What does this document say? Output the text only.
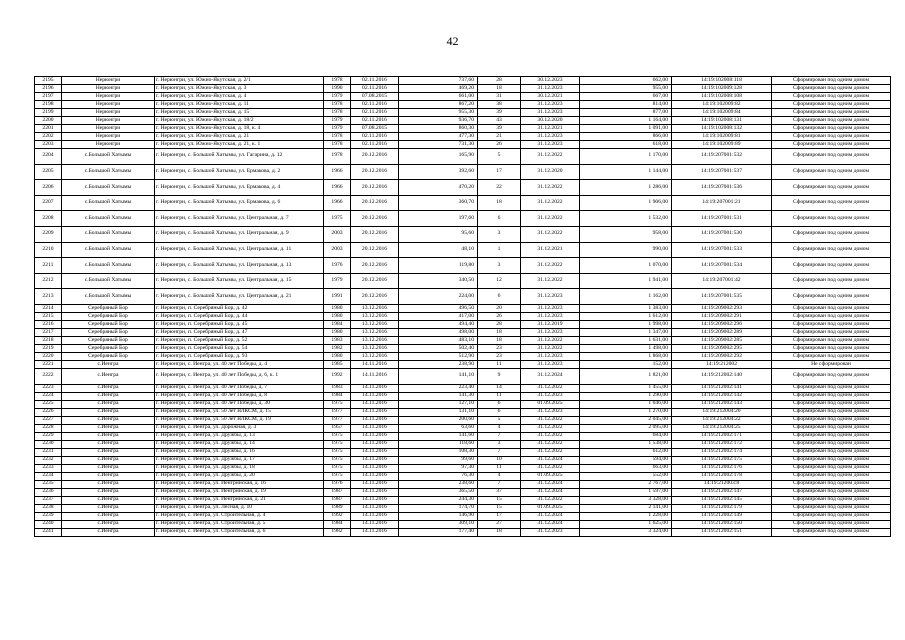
42
2195	Нерюнгри	г. Нерюнгри, ул. Южно-Якутская, д. 2/1	1978	02.11.2016	737,60	28	30.12.2023	662,00	14:19:102008:118	Сформирован под одним домом
2196	Нерюнгри	г. Нерюнгри, ул. Южно-Якутская, д. 3	1990	02.11.2016	469,20	18	31.12.2023	955,00	14:19:102009:128	Сформирован под одним домом
2197	Нерюнгри	г. Нерюнгри, ул. Южно-Якутская, д. 4	1979	07.08.2015	661,00	31	30.12.2021	667,00	14:19:102008:108	Сформирован под одним домом
2198	Нерюнгри	г. Нерюнгри, ул. Южно-Якутская, д. 11	1978	02.11.2016	867,20	38	31.12.2023	814,00	14:19:102009:82	Сформирован под одним домом
2199	Нерюнгри	г. Нерюнгри, ул. Южно-Якутская, д. 15	1978	02.11.2016	955,30	39	31.12.2023	877,00	14:19:102009:84	Сформирован под одним домом
2200	Нерюнгри	г. Нерюнгри, ул. Южно-Якутская, д. 18/2	1979	02.11.2016	936,70	43	30.12.2020	1 164,00	14:19:102008:131	Сформирован под одним домом
2201	Нерюнгри	г. Нерюнгри, ул. Южно-Якутская, д. 18, к. 4	1979	07.08.2015	860,30	39	31.12.2021	1 091,00	14:19:102008:132	Сформирован под одним домом
2202	Нерюнгри	г. Нерюнгри, ул. Южно-Якутская, д. 21	1978	02.11.2016	477,30	21	31.12.2023	866,00	14:19:102009:81	Сформирован под одним домом
2203	Нерюнгри	г. Нерюнгри, ул. Южно-Якутская, д. 21, к. 1	1978	02.11.2016	731,30	26	31.12.2023	618,00	14:19:102009:89	Сформирован под одним домом
2204	с.Большой Хатымы	г. Нерюнгри, с. Большой Хатымы, ул. Гагарина, д. 12	1978	20.12.2016	165,90	5	31.12.2022	1 170,00	14:19:207001:532	Сформирован под одним домом
2205	с.Большой Хатымы	г. Нерюнгри, с. Большой Хатымы, ул. Ермакова, д. 2	1966	20.12.2016	392,60	17	31.12.2020	1 144,00	14:19:207001:537	Сформирован под одним домом
2206	с.Большой Хатымы	г. Нерюнгри, с. Большой Хатымы, ул. Ермакова, д. 4	1966	20.12.2016	470,20	22	31.12.2022	1 286,00	14:19:207001:536	Сформирован под одним домом
2207	с.Большой Хатымы	г. Нерюнгри, с. Большой Хатымы, ул. Ермакова, д. 6	1966	20.12.2016	360,70	18	31.12.2022	1 906,00	14:19:207001:21	Сформирован под одним домом
2208	с.Большой Хатымы	г. Нерюнгри, с. Большой Хатымы, ул. Центральная, д. 7	1975	20.12.2016	197,60	6	31.12.2022	1 532,00	14:19:207001:531	Сформирован под одним домом
2209	с.Большой Хатымы	г. Нерюнгри, с. Большой Хатымы, ул. Центральная, д. 9	2003	20.12.2016	95,60	3	31.12.2022	958,00	14:19:207001:530	Сформирован под одним домом
2210	с.Большой Хатымы	г. Нерюнгри, с. Большой Хатымы, ул. Центральная, д. 11	2003	20.12.2016	48,10	1	31.12.2021	990,00	14:19:207001:533	Сформирован под одним домом
2211	с.Большой Хатымы	г. Нерюнгри, с. Большой Хатымы, ул. Центральная, д. 13	1976	20.12.2016	119,80	3	31.12.2022	1 070,00	14:19:207001:534	Сформирован под одним домом
2212	с.Большой Хатымы	г. Нерюнгри, с. Большой Хатымы, ул. Центральная, д. 15	1979	20.12.2016	340,50	12	31.12.2022	1 941,00	14:19:207001:42	Сформирован под одним домом
2213	с.Большой Хатымы	г. Нерюнгри, с. Большой Хатымы, ул. Центральная, д. 21	1991	20.12.2016	224,00	6	31.12.2023	1 162,00	14:19:207001:535	Сформирован под одним домом
2214	Серебряный Бор	г. Нерюнгри, п. Серебряный Бор, д. 42	1980	13.12.2016	496,50	20	31.12.2023	1 383,00	14:19:209002:293	Сформирован под одним домом
2215	Серебряный Бор	г. Нерюнгри, п. Серебряный Бор, д. 44	1980	13.12.2016	417,00	26	31.12.2023	1 612,00	14:19:209002:291	Сформирован под одним домом
2216	Серебряный Бор	г. Нерюнгри, п. Серебряный Бор, д. 45	1984	13.12.2016	494,40	28	31.12.2019	1 998,00	14:19:209002:296	Сформирован под одним домом
2217	Серебряный Бор	г. Нерюнгри, п. Серебряный Бор, д. 47	1980	13.12.2016	498,00	18	31.12.2023	1 347,00	14:19:209002:289	Сформирован под одним домом
2218	Серебряный Бор	г. Нерюнгри, п. Серебряный Бор, д. 52	1983	13.12.2016	483,10	18	31.12.2022	1 631,00	14:19:209002:285	Сформирован под одним домом
2219	Серебряный Бор	г. Нерюнгри, п. Серебряный Бор, д. 54	1982	13.12.2016	502,40	23	31.12.2022	1 498,00	14:19:209002:295	Сформирован под одним домом
2220	Серебряный Бор	г. Нерюнгри, п. Серебряный Бор, д. 93	1980	13.12.2016	512,90	23	31.12.2023	1 868,00	14:19:209002:292	Сформирован под одним домом
2221	с.Иенгра	г. Нерюнгри, с. Иенгра, ул. 40 лет Победы, д. 4	1985	14.11.2016	238,90	11	31.12.2023	152,00	14:19:212002	Не сформирован
2222	с.Иенгра	г. Нерюнгри, с. Иенгра, ул. 40 лет Победы, д. 6, к. 1	1992	14.11.2016	141,10	9	31.12.2024	1 821,00	14:19:212002:140	Сформирован под одним домом
2223	с.Иенгра	г. Нерюнгри, с. Иенгра, ул. 40 лет Победы, д. 7	1983	14.11.2016	223,40	14	31.12.2022	1 455,00	14:19:212002:141	Сформирован под одним домом
2224	с.Иенгра	г. Нерюнгри, с. Иенгра, ул. 40 лет Победы, д. 8	1984	14.11.2016	141,30	11	31.12.2023	1 290,00	14:19:212002:142	Сформирован под одним домом
2225	с.Иенгра	г. Нерюнгри, с. Иенгра, ул. 40 лет Победы, д. 30	1975	14.11.2016	127,10	6	01.09.2025	1 046,00	14:19:212002:143	Сформирован под одним домом
2226	с.Иенгра	г. Нерюнгри, с. Иенгра, ул. 50 лет ВЛКСМ, д. 15	1977	14.11.2016	131,10	6	31.12.2023	1 270,00	14:19:212004:20	Сформирован под одним домом
2227	с.Иенгра	г. Нерюнгри, с. Иенгра, ул. 50 лет ВЛКСМ, д. 19	1977	14.11.2016	200,60	5	31.12.2022	2 045,00	14:19:212004:22	Сформирован под одним домом
2228	с.Иенгра	г. Нерюнгри, с. Иенгра, ул. Дорожная, д. 3	1957	14.11.2016	63,60	4	31.12.2022	2 095,00	14:19:212004:25	Сформирован под одним домом
2229	с.Иенгра	г. Нерюнгри, с. Иенгра, ул. Дружбы, д. 13	1975	14.11.2016	141,60	7	31.12.2022	684,00	14:19:212002:171	Сформирован под одним домом
2230	с.Иенгра	г. Нерюнгри, с. Иенгра, ул. Дружбы, д. 14	1975	14.11.2016	118,60	3	31.12.2022	1 538,00	14:19:212002:172	Сформирован под одним домом
2231	с.Иенгра	г. Нерюнгри, с. Иенгра, ул. Дружбы, д. 16	1975	14.11.2016	108,30	7	31.12.2022	612,00	14:19:212002:174	Сформирован под одним домом
2232	с.Иенгра	г. Нерюнгри, с. Иенгра, ул. Дружбы, д. 17	1975	14.11.2016	99,60	10	31.12.2024	594,00	14:19:212002:175	Сформирован под одним домом
2233	с.Иенгра	г. Нерюнгри, с. Иенгра, ул. Дружбы, д. 18	1975	14.11.2016	97,30	11	31.12.2022	663,00	14:19:212002:176	Сформирован под одним домом
2234	с.Иенгра	г. Нерюнгри, с. Иенгра, ул. Дружбы, д. 20	1975	14.11.2016	76,30	4	01.09.2025	552,00	14:19:212002:178	Сформирован под одним домом
2235	с.Иенгра	г. Нерюнгри, с. Иенгра, ул. Иенгринская, д. 16	1976	14.11.2016	238,60	7	31.12.2024	2 767,00	14:19:212003:8	Сформирован под одним домом
2236	с.Иенгра	г. Нерюнгри, с. Иенгра, ул. Иенгринская, д. 19	1987	14.11.2016	365,50	37	31.12.2024	1 597,00	14:19:212002:147	Сформирован под одним домом
2237	с.Иенгра	г. Нерюнгри, с. Иенгра, ул. Иенгринская, д. 21	1987	14.11.2016	244,30	15	31.12.2022	3 328,00	14:19:212002:145	Сформирован под одним домом
2238	с.Иенгра	г. Нерюнгри, с. Иенгра, ул. Лесная, д. 10	1989	14.11.2016	174,70	15	01.09.2025	2 141,00	14:19:212002:179	Сформирован под одним домом
2239	с.Иенгра	г. Нерюнгри, с. Иенгра, ул. Строительная, д. 4	1992	14.11.2016	146,90	17	31.12.2024	1 228,00	14:19:212002:149	Сформирован под одним домом
2240	с.Иенгра	г. Нерюнгри, с. Иенгра, ул. Строительная, д. 5	1984	14.11.2016	309,10	27	31.12.2024	1 625,00	14:19:212002:150	Сформирован под одним домом
2241	с.Иенгра	г. Нерюнгри, с. Иенгра, ул. Строительная, д. 6	1982	14.11.2016	177,40	18	31.12.2023	3 324,00	14:19:212002:151	Сформирован под одним домом
